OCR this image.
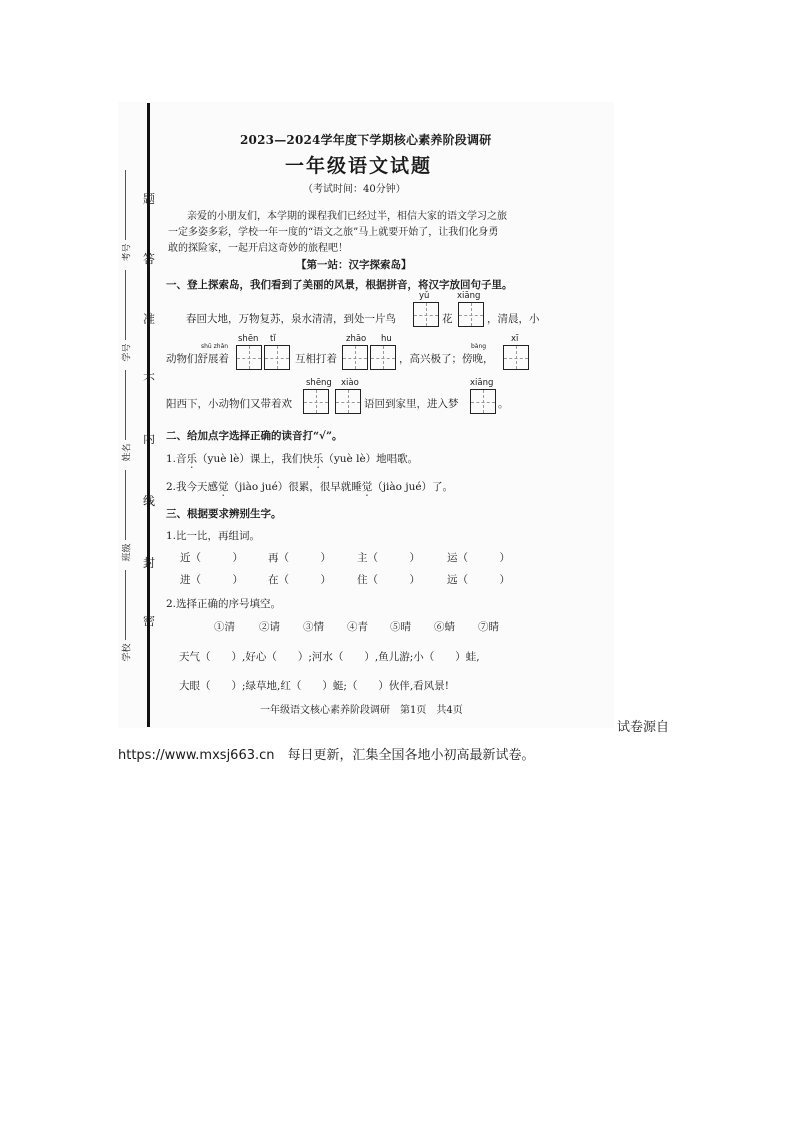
题
答
准
不
内
线
封
密
考号
学号
姓名
班级
学校
2023—2024学年度下学期核心素养阶段调研
一年级语文试题
（考试时间：40分钟）
亲爱的小朋友们，本学期的课程我们已经过半，相信大家的语文学习之旅
一定多姿多彩，学校一年一度的“语文之旅”马上就要开始了，让我们化身勇
敢的探险家，一起开启这奇妙的旅程吧！
【第一站：汉字探索岛】
一、登上探索岛，我们看到了美丽的风景，根据拼音，将汉字放回句子里。
yǔ	xiāng
春回大地，万物复苏，泉水清清，到处一片鸟	花	，清晨，小
shū zhǎn
shēn tǐ	zhāo hu
bàng
xī
动物们舒展着	互相打着	，高兴极了；傍晚，
shēng xiào	xiāng
阳西下，小动物们又带着欢	语回到家里，进入梦	。
二、给加点字选择正确的读音打“√”。
1.音乐（yuè lè）课上，我们快乐（yuè lè）地唱歌。
2.我今天感觉（jiào jué）很累，很早就睡觉（jiào jué）了。
三、根据要求辨别生字。
1.比一比，再组词。
近（　　　） 再（　　　） 主（　　　）	运（　　　）
进（　　　） 在（　　　） 住（　　　）	远（　　　）
2.选择正确的序号填空。
①清 ②请 ③情 ④青 ⑤晴 ⑥蜻 ⑦睛
天气（　　）,好心（　　）;河水（　　）,鱼儿游;小（　　）蛙,
大眼（　　）;绿草地,红（　　）蜓;（　　）伙伴,看风景!
一年级语文核心素养阶段调研　第1页　共4页
试卷源自
https://www.mxsj663.cn　 每日更新，汇集全国各地小初高最新试卷。
